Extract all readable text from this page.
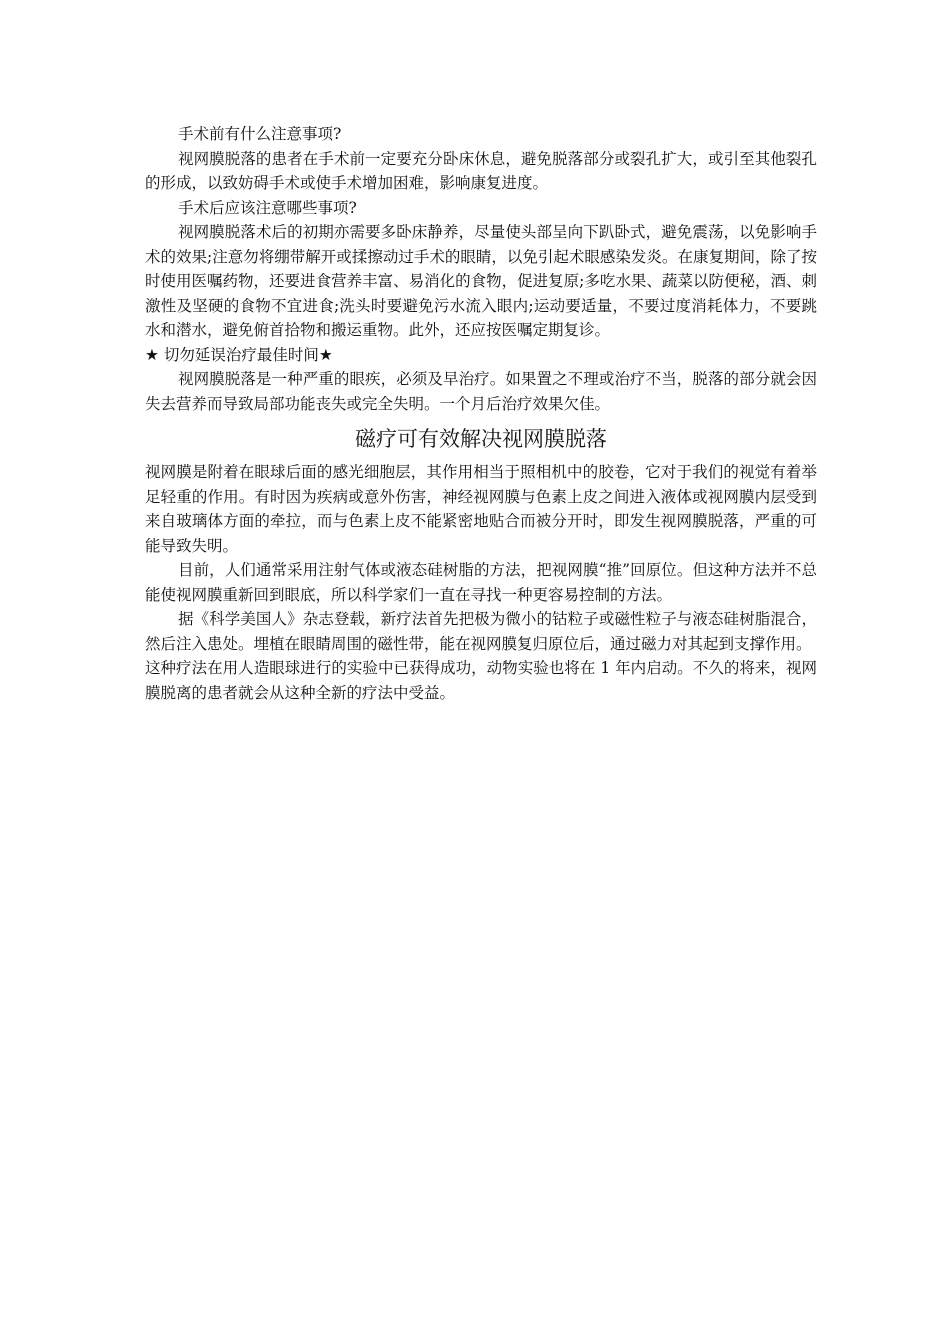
手术前有什么注意事项?

视网膜脱落的患者在手术前一定要充分卧床休息，避免脱落部分或裂孔扩大，或引至其他裂孔的形成，以致妨碍手术或使手术增加困难，影响康复进度。

手术后应该注意哪些事项?

视网膜脱落术后的初期亦需要多卧床静养，尽量使头部呈向下趴卧式，避免震荡，以免影响手术的效果;注意勿将绷带解开或揉擦动过手术的眼睛，以免引起术眼感染发炎。在康复期间，除了按时使用医嘱药物，还要进食营养丰富、易消化的食物，促进复原;多吃水果、蔬菜以防便秘，酒、刺激性及坚硬的食物不宜进食;洗头时要避免污水流入眼内;运动要适量，不要过度消耗体力，不要跳水和潜水，避免俯首拾物和搬运重物。此外，还应按医嘱定期复诊。

★ 切勿延误治疗最佳时间★

视网膜脱落是一种严重的眼疾，必须及早治疗。如果置之不理或治疗不当，脱落的部分就会因失去营养而导致局部功能丧失或完全失明。一个月后治疗效果欠佳。

磁疗可有效解决视网膜脱落

视网膜是附着在眼球后面的感光细胞层，其作用相当于照相机中的胶卷，它对于我们的视觉有着举足轻重的作用。有时因为疾病或意外伤害，神经视网膜与色素上皮之间进入液体或视网膜内层受到来自玻璃体方面的牵拉，而与色素上皮不能紧密地贴合而被分开时，即发生视网膜脱落，严重的可能导致失明。

目前，人们通常采用注射气体或液态硅树脂的方法，把视网膜“推”回原位。但这种方法并不总能使视网膜重新回到眼底，所以科学家们一直在寻找一种更容易控制的方法。

据《科学美国人》杂志登载，新疗法首先把极为微小的钴粒子或磁性粒子与液态硅树脂混合，然后注入患处。埋植在眼睛周围的磁性带，能在视网膜复归原位后，通过磁力对其起到支撑作用。

这种疗法在用人造眼球进行的实验中已获得成功，动物实验也将在 1 年内启动。不久的将来，视网膜脱离的患者就会从这种全新的疗法中受益。
